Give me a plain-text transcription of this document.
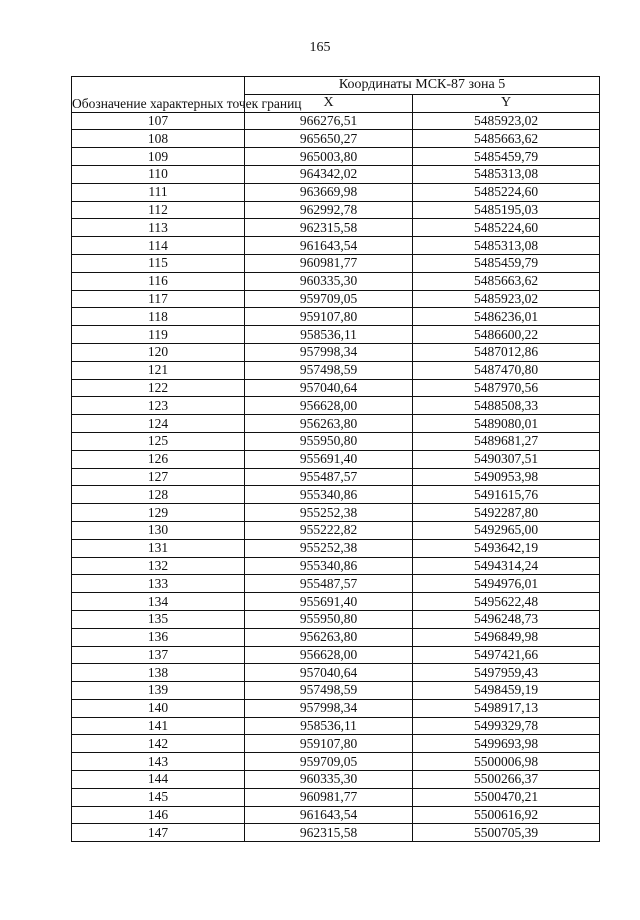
165
Обозначение характерных точек границ	Координаты МСК-87 зона 5	
	X	Y
107	966276,51	5485923,02
108	965650,27	5485663,62
109	965003,80	5485459,79
110	964342,02	5485313,08
111	963669,98	5485224,60
112	962992,78	5485195,03
113	962315,58	5485224,60
114	961643,54	5485313,08
115	960981,77	5485459,79
116	960335,30	5485663,62
117	959709,05	5485923,02
118	959107,80	5486236,01
119	958536,11	5486600,22
120	957998,34	5487012,86
121	957498,59	5487470,80
122	957040,64	5487970,56
123	956628,00	5488508,33
124	956263,80	5489080,01
125	955950,80	5489681,27
126	955691,40	5490307,51
127	955487,57	5490953,98
128	955340,86	5491615,76
129	955252,38	5492287,80
130	955222,82	5492965,00
131	955252,38	5493642,19
132	955340,86	5494314,24
133	955487,57	5494976,01
134	955691,40	5495622,48
135	955950,80	5496248,73
136	956263,80	5496849,98
137	956628,00	5497421,66
138	957040,64	5497959,43
139	957498,59	5498459,19
140	957998,34	5498917,13
141	958536,11	5499329,78
142	959107,80	5499693,98
143	959709,05	5500006,98
144	960335,30	5500266,37
145	960981,77	5500470,21
146	961643,54	5500616,92
147	962315,58	5500705,39
